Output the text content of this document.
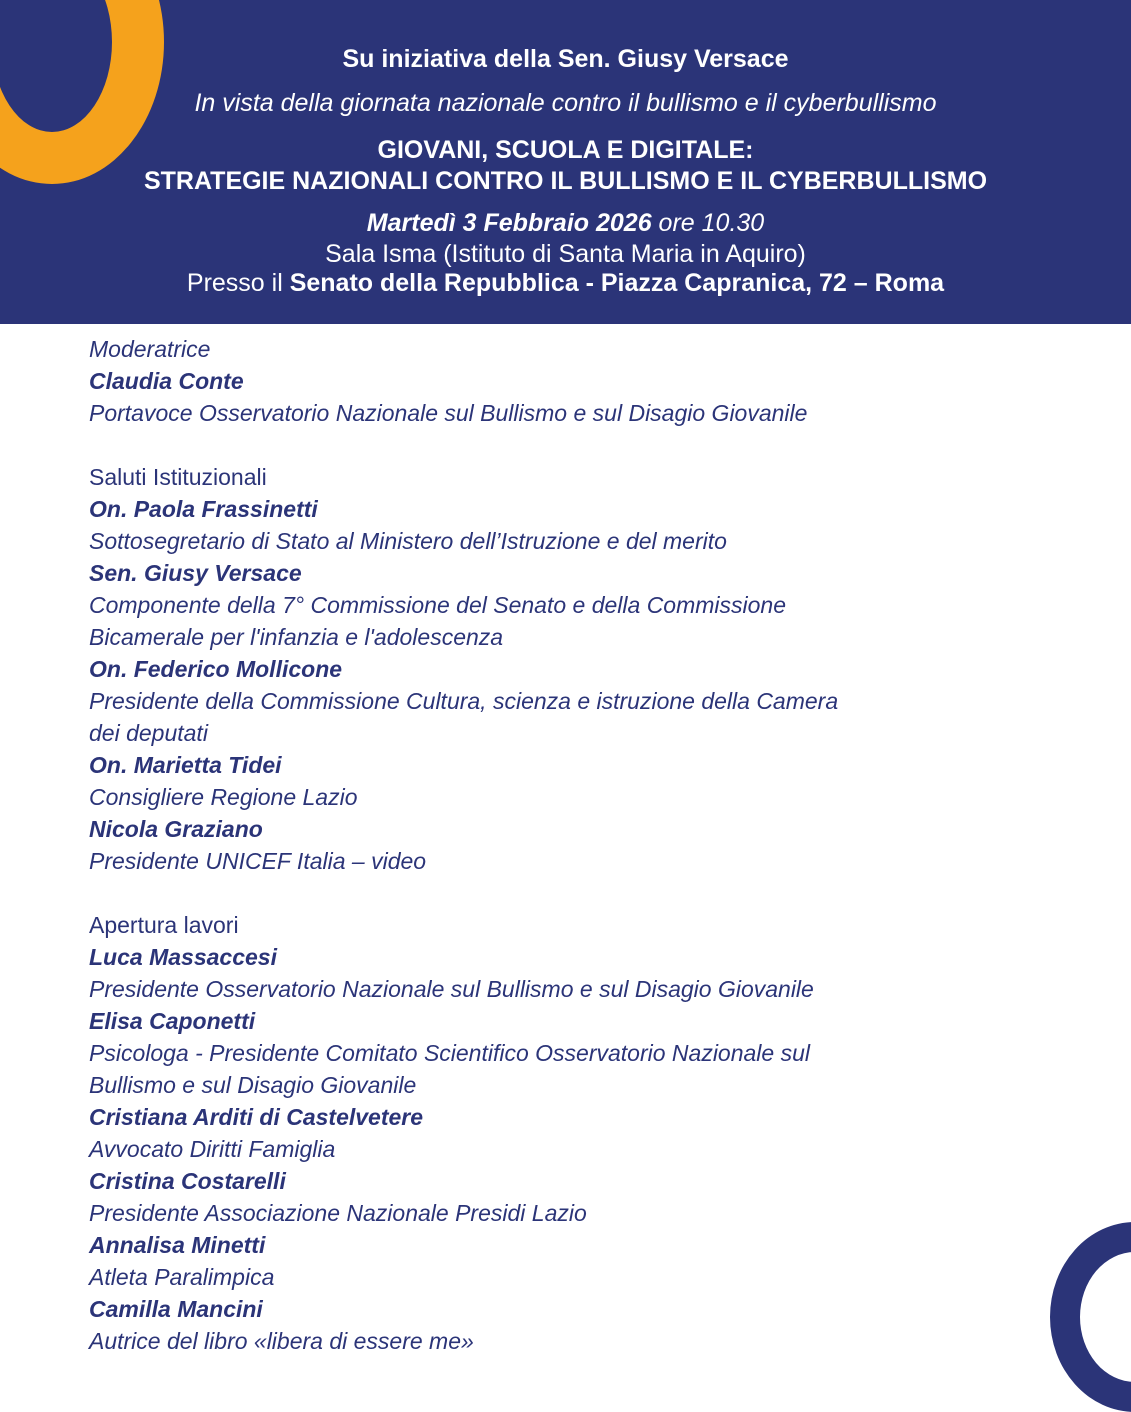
Su iniziativa della Sen. Giusy Versace
In vista della giornata nazionale contro il bullismo e il cyberbullismo
GIOVANI, SCUOLA E DIGITALE:
STRATEGIE NAZIONALI CONTRO IL BULLISMO E IL CYBERBULLISMO
Martedì 3 Febbraio 2026 ore 10.30
Sala Isma (Istituto di Santa Maria in Aquiro)
Presso il Senato della Repubblica - Piazza Capranica, 72 – Roma
Moderatrice
Claudia Conte
Portavoce Osservatorio Nazionale sul Bullismo e sul Disagio Giovanile
Saluti Istituzionali
On. Paola Frassinetti
Sottosegretario di Stato al Ministero dell’Istruzione e del merito
Sen. Giusy Versace
Componente della 7° Commissione del Senato e della Commissione
Bicamerale per l'infanzia e l'adolescenza
On. Federico Mollicone
Presidente della Commissione Cultura, scienza e istruzione della Camera
dei deputati
On. Marietta Tidei
Consigliere Regione Lazio
Nicola Graziano
Presidente UNICEF Italia – video
Apertura lavori
Luca Massaccesi
Presidente Osservatorio Nazionale sul Bullismo e sul Disagio Giovanile
Elisa Caponetti
Psicologa - Presidente Comitato Scientifico Osservatorio Nazionale sul
Bullismo e sul Disagio Giovanile
Cristiana Arditi di Castelvetere
Avvocato Diritti Famiglia
Cristina Costarelli
Presidente Associazione Nazionale Presidi Lazio
Annalisa Minetti
Atleta Paralimpica
Camilla Mancini
Autrice del libro «libera di essere me»
